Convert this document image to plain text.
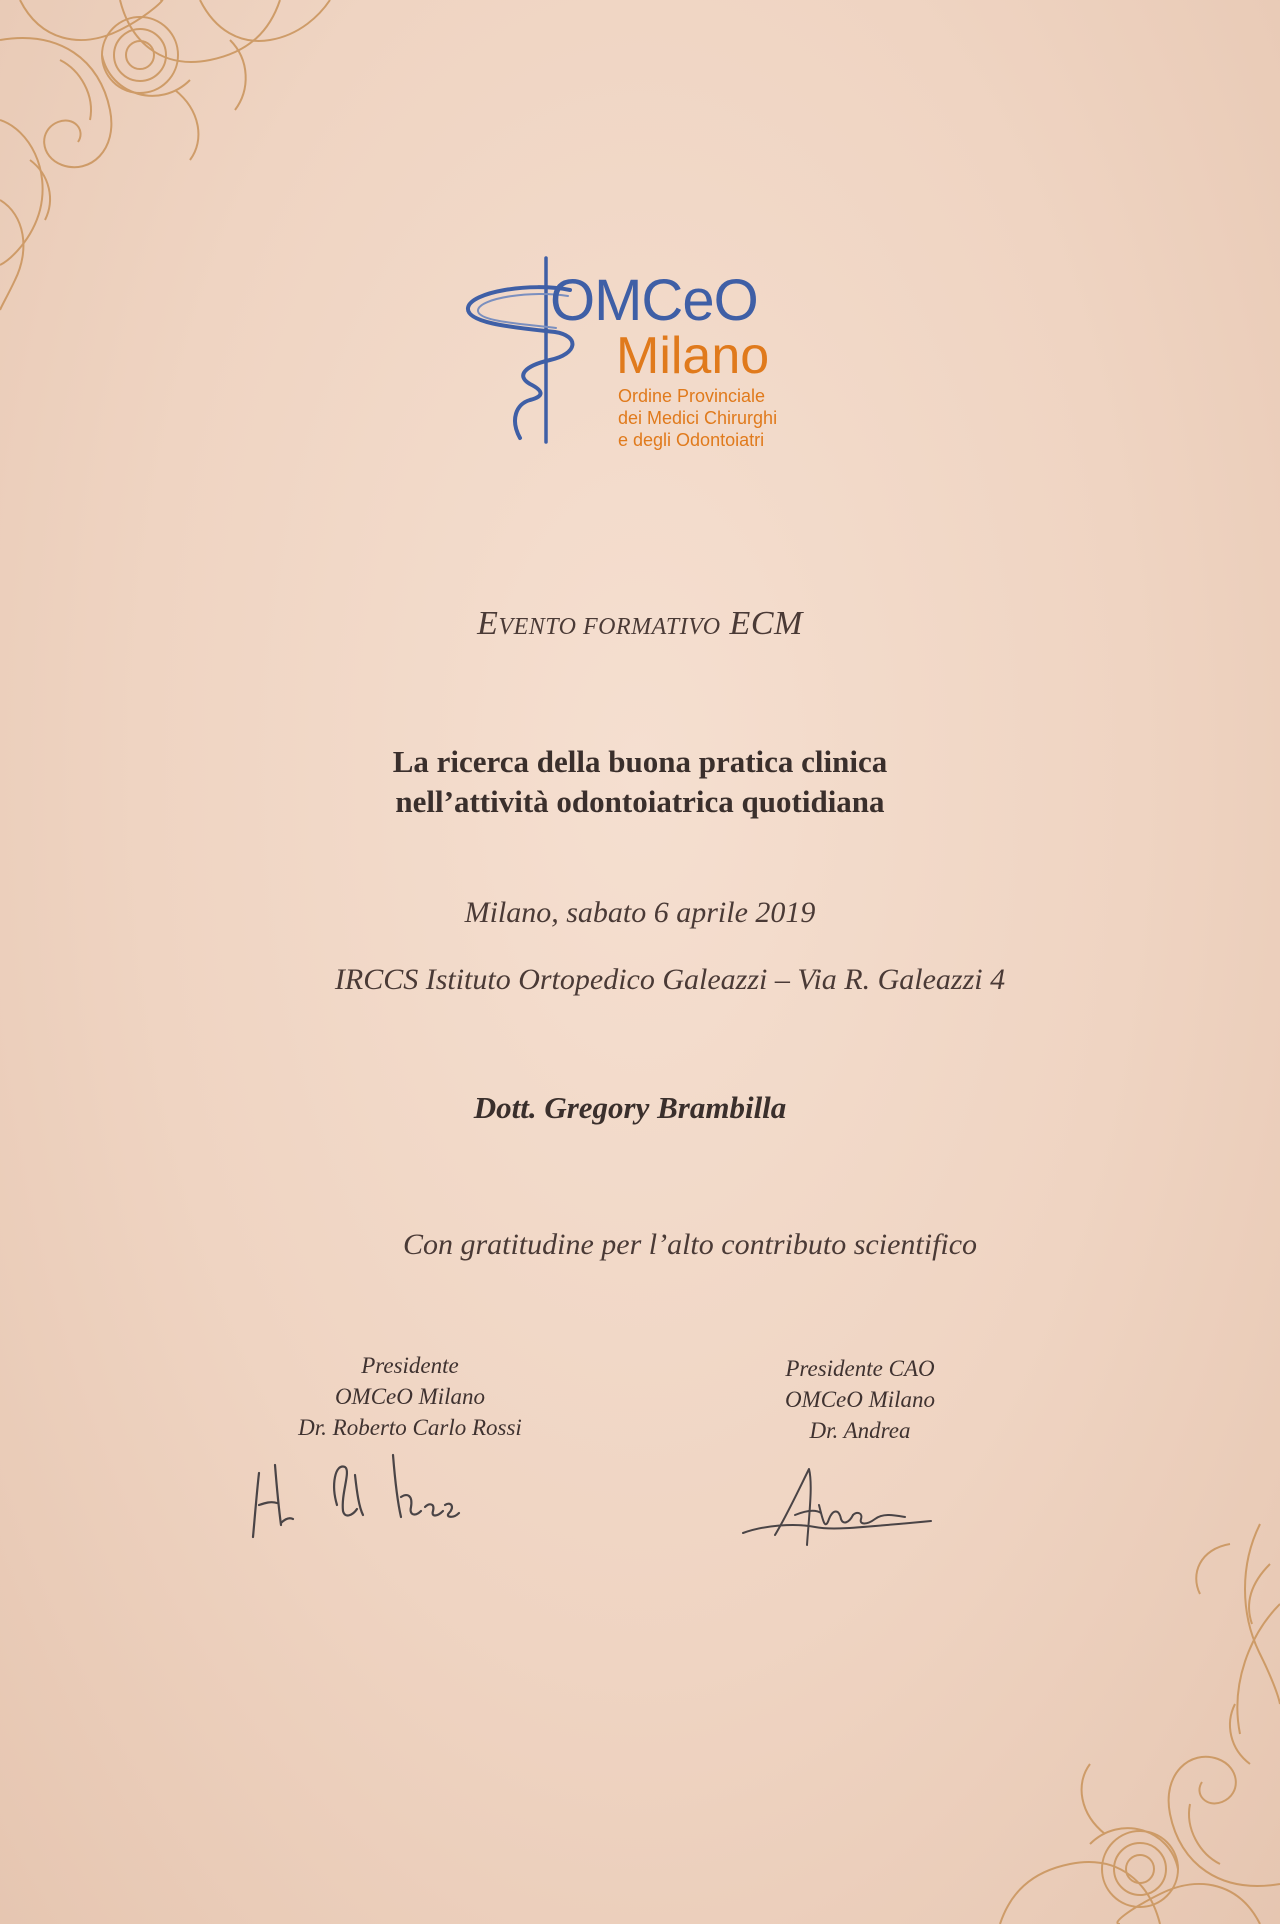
OMCeO
Milano
Ordine Provinciale
dei Medici Chirurghi
e degli Odontoiatri
EVENTO FORMATIVO ECM
La ricerca della buona pratica clinica
nell’attività odontoiatrica quotidiana
Milano, sabato 6 aprile 2019
IRCCS Istituto Ortopedico Galeazzi – Via R. Galeazzi 4
Dott. Gregory Brambilla
Con gratitudine per l’alto contributo scientifico
Presidente
OMCeO Milano
Dr. Roberto Carlo Rossi
Presidente CAO
OMCeO Milano
Dr. Andrea
